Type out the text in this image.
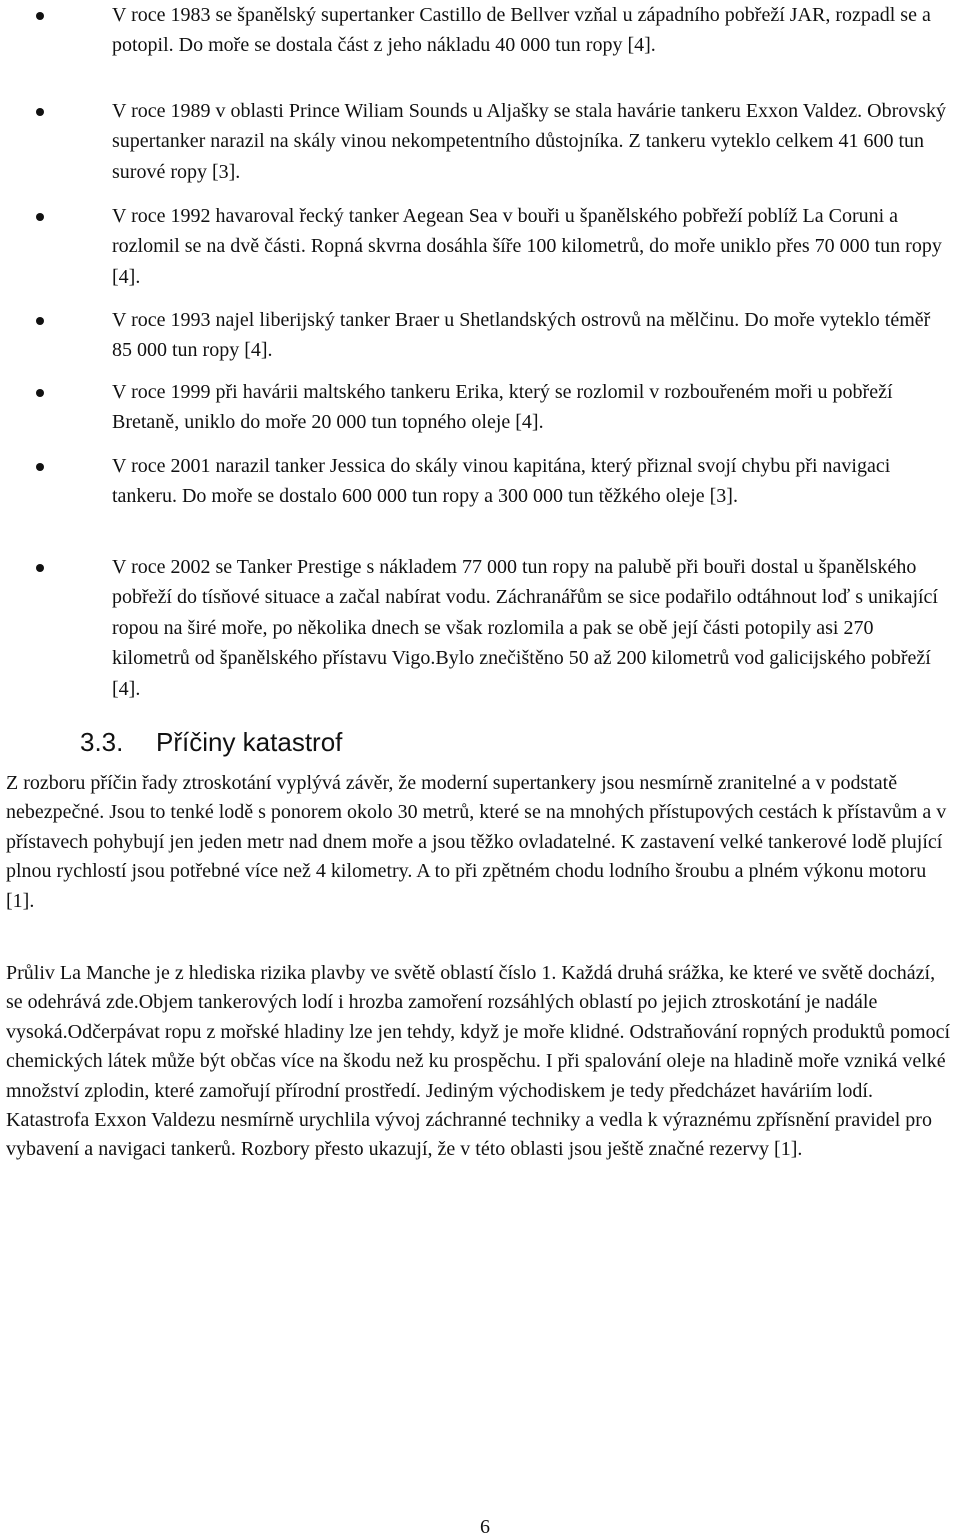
V roce 1983 se španělský supertanker Castillo de Bellver vzňal u západního pobřeží JAR, rozpadl se a potopil. Do moře se dostala část z jeho nákladu 40 000 tun ropy [4].
V roce 1989 v oblasti Prince Wiliam Sounds u Aljašky se stala havárie tankeru Exxon Valdez. Obrovský supertanker narazil na skály vinou nekompetentního důstojníka. Z tankeru vyteklo celkem 41 600 tun surové ropy [3].
V roce 1992 havaroval řecký tanker Aegean Sea v bouři u španělského pobřeží poblíž La Coruni a rozlomil se na dvě části. Ropná skvrna dosáhla šíře 100 kilometrů, do moře uniklo přes 70 000 tun ropy [4].
V roce 1993 najel liberijský tanker Braer u Shetlandských ostrovů na mělčinu. Do moře vyteklo téměř 85 000 tun ropy [4].
V roce 1999 při havárii maltského tankeru Erika, který se rozlomil v rozbouřeném moři u pobřeží Bretaně, uniklo do moře 20 000 tun topného oleje [4].
V roce 2001 narazil tanker Jessica do skály vinou kapitána, který přiznal svojí chybu při navigaci tankeru. Do moře se dostalo 600 000 tun ropy a 300 000 tun těžkého oleje [3].
V roce 2002 se Tanker Prestige s nákladem 77 000 tun ropy na palubě při bouři dostal u španělského pobřeží do tísňové situace a začal nabírat vodu. Záchranářům se sice podařilo odtáhnout loď s unikající ropou na širé moře, po několika dnech se však rozlomila a pak se obě její části potopily asi 270 kilometrů od španělského přístavu Vigo.Bylo znečištěno 50 až 200 kilometrů vod galicijského pobřeží [4].
3.3. Příčiny katastrof

Z rozboru příčin řady ztroskotání vyplývá závěr, že moderní supertankery jsou nesmírně zranitelné a v podstatě nebezpečné. Jsou to tenké lodě s ponorem okolo 30 metrů, které se na mnohých přístupových cestách k přístavům a v přístavech pohybují jen jeden metr nad dnem moře a jsou těžko ovladatelné. K zastavení velké tankerové lodě plující plnou rychlostí jsou potřebné více než 4 kilometry. A to při zpětném chodu lodního šroubu a plném výkonu motoru [1].

Průliv La Manche je z hlediska rizika plavby ve světě oblastí číslo 1. Každá druhá srážka, ke které ve světě dochází, se odehrává zde.Objem tankerových lodí i hrozba zamoření rozsáhlých oblastí po jejich ztroskotání je nadále vysoká.Odčerpávat ropu z mořské hladiny lze jen tehdy, když je moře klidné. Odstraňování ropných produktů pomocí chemických látek může být občas více na škodu než ku prospěchu. I při spalování oleje na hladině moře vzniká velké množství zplodin, které zamořují přírodní prostředí. Jediným východiskem je tedy předcházet haváriím lodí. Katastrofa Exxon Valdezu nesmírně urychlila vývoj záchranné techniky a vedla k výraznému zpřísnění pravidel pro vybavení a navigaci tankerů. Rozbory přesto ukazují, že v této oblasti jsou ještě značné rezervy [1].

6
